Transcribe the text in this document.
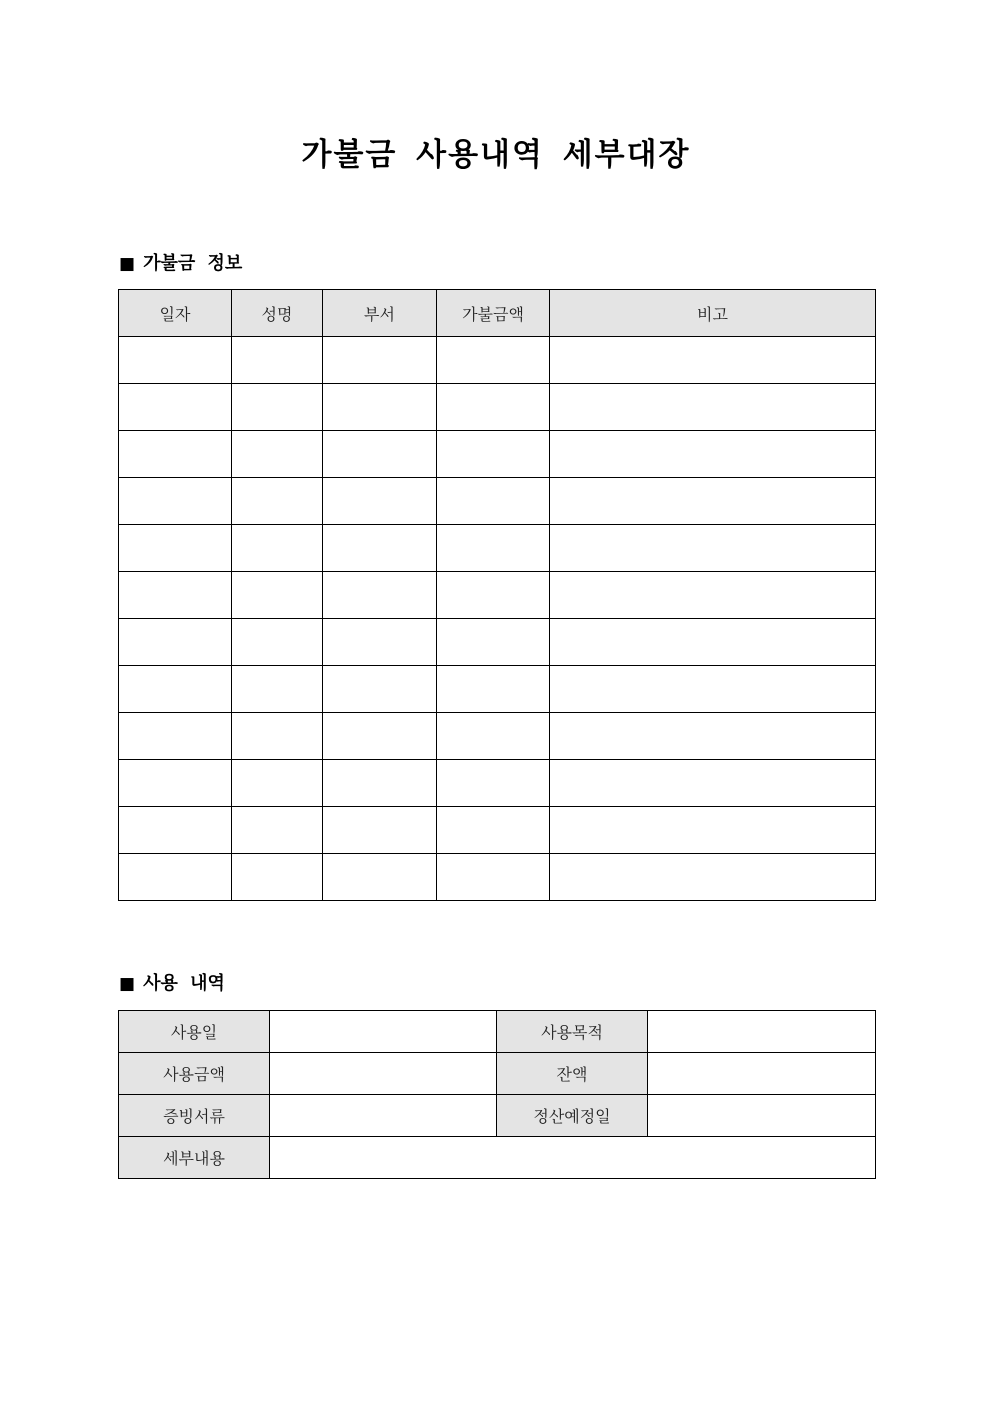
가불금 사용내역 세부대장
■ 가불금 정보
일자	성명	부서	가불금액	비고

■ 사용 내역
사용일		사용목적	
사용금액		잔액	
증빙서류		정산예정일	
세부내용			
